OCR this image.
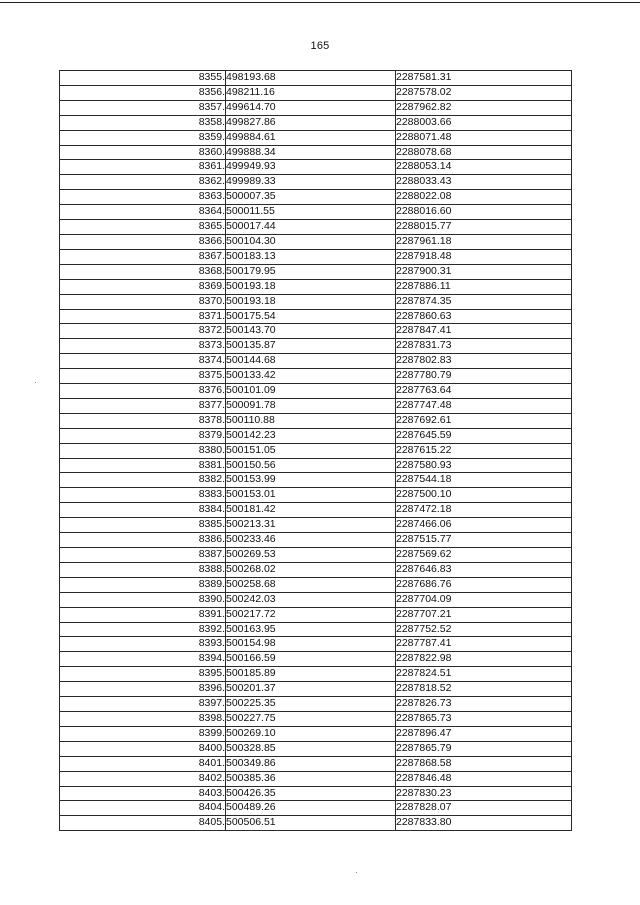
165
8355.	498193.68	2287581.31
8356.	498211.16	2287578.02
8357.	499614.70	2287962.82
8358.	499827.86	2288003.66
8359.	499884.61	2288071.48
8360.	499888.34	2288078.68
8361.	499949.93	2288053.14
8362.	499989.33	2288033.43
8363.	500007.35	2288022.08
8364.	500011.55	2288016.60
8365.	500017.44	2288015.77
8366.	500104.30	2287961.18
8367.	500183.13	2287918.48
8368.	500179.95	2287900.31
8369.	500193.18	2287886.11
8370.	500193.18	2287874.35
8371.	500175.54	2287860.63
8372.	500143.70	2287847.41
8373.	500135.87	2287831.73
8374.	500144.68	2287802.83
8375.	500133.42	2287780.79
8376.	500101.09	2287763.64
8377.	500091.78	2287747.48
8378.	500110.88	2287692.61
8379.	500142.23	2287645.59
8380.	500151.05	2287615.22
8381.	500150.56	2287580.93
8382.	500153.99	2287544.18
8383.	500153.01	2287500.10
8384.	500181.42	2287472.18
8385.	500213.31	2287466.06
8386.	500233.46	2287515.77
8387.	500269.53	2287569.62
8388.	500268.02	2287646.83
8389.	500258.68	2287686.76
8390.	500242.03	2287704.09
8391.	500217.72	2287707.21
8392.	500163.95	2287752.52
8393.	500154.98	2287787.41
8394.	500166.59	2287822.98
8395.	500185.89	2287824.51
8396.	500201.37	2287818.52
8397.	500225.35	2287826.73
8398.	500227.75	2287865.73
8399.	500269.10	2287896.47
8400.	500328.85	2287865.79
8401.	500349.86	2287868.58
8402.	500385.36	2287846.48
8403.	500426.35	2287830.23
8404.	500489.26	2287828.07
8405.	500506.51	2287833.80
